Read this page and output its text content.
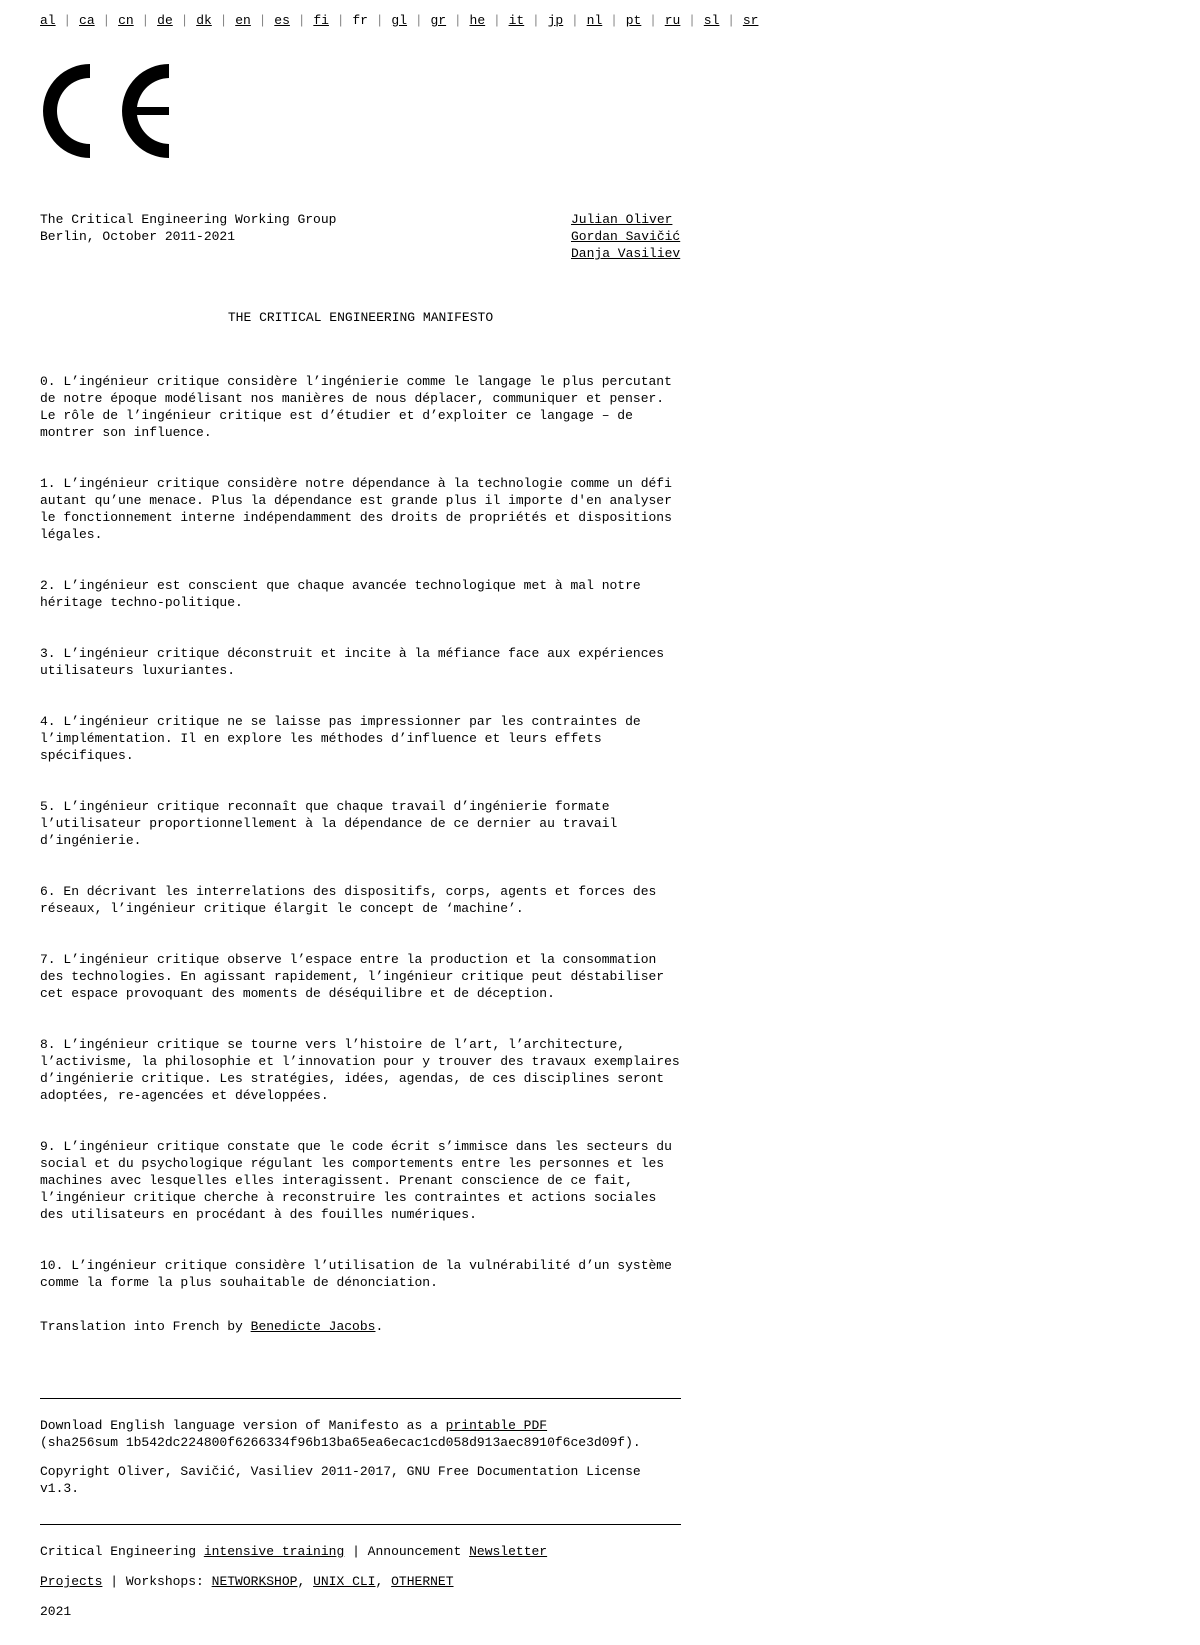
al | ca | cn | de | dk | en | es | fi | fr | gl | gr | he | it | jp | nl | pt | ru | sl | sr
The Critical Engineering Working Group
Berlin, October 2011-2021
Julian Oliver
Gordan Savičić
Danja Vasiliev
THE CRITICAL ENGINEERING MANIFESTO

0. L’ingénieur critique considère l’ingénierie comme le langage le plus percutant
de notre époque modélisant nos manières de nous déplacer, communiquer et penser.
Le rôle de l’ingénieur critique est d’étudier et d’exploiter ce langage – de
montrer son influence.

1. L’ingénieur critique considère notre dépendance à la technologie comme un défi
autant qu’une menace. Plus la dépendance est grande plus il importe d'en analyser
le fonctionnement interne indépendamment des droits de propriétés et dispositions
légales.

2. L’ingénieur est conscient que chaque avancée technologique met à mal notre
héritage techno-politique.

3. L’ingénieur critique déconstruit et incite à la méfiance face aux expériences
utilisateurs luxuriantes.

4. L’ingénieur critique ne se laisse pas impressionner par les contraintes de
l’implémentation. Il en explore les méthodes d’influence et leurs effets
spécifiques.

5. L’ingénieur critique reconnaît que chaque travail d’ingénierie formate
l’utilisateur proportionnellement à la dépendance de ce dernier au travail
d’ingénierie.

6. En décrivant les interrelations des dispositifs, corps, agents et forces des
réseaux, l’ingénieur critique élargit le concept de ‘machine’.

7. L’ingénieur critique observe l’espace entre la production et la consommation
des technologies. En agissant rapidement, l’ingénieur critique peut déstabiliser
cet espace provoquant des moments de déséquilibre et de déception.

8. L’ingénieur critique se tourne vers l’histoire de l’art, l’architecture,
l’activisme, la philosophie et l’innovation pour y trouver des travaux exemplaires
d’ingénierie critique. Les stratégies, idées, agendas, de ces disciplines seront
adoptées, re-agencées et développées.

9. L’ingénieur critique constate que le code écrit s’immisce dans les secteurs du
social et du psychologique régulant les comportements entre les personnes et les
machines avec lesquelles elles interagissent. Prenant conscience de ce fait,
l’ingénieur critique cherche à reconstruire les contraintes et actions sociales
des utilisateurs en procédant à des fouilles numériques.

10. L’ingénieur critique considère l’utilisation de la vulnérabilité d’un système
comme la forme la plus souhaitable de dénonciation.

Translation into French by Benedicte Jacobs.
Download English language version of Manifesto as a printable PDF
(sha256sum 1b542dc224800f6266334f96b13ba65ea6ecac1cd058d913aec8910f6ce3d09f).
Copyright Oliver, Savičić, Vasiliev 2011-2017, GNU Free Documentation License v1.3.
Critical Engineering intensive training | Announcement Newsletter
Projects | Workshops: NETWORKSHOP, UNIX CLI, OTHERNET
2021
